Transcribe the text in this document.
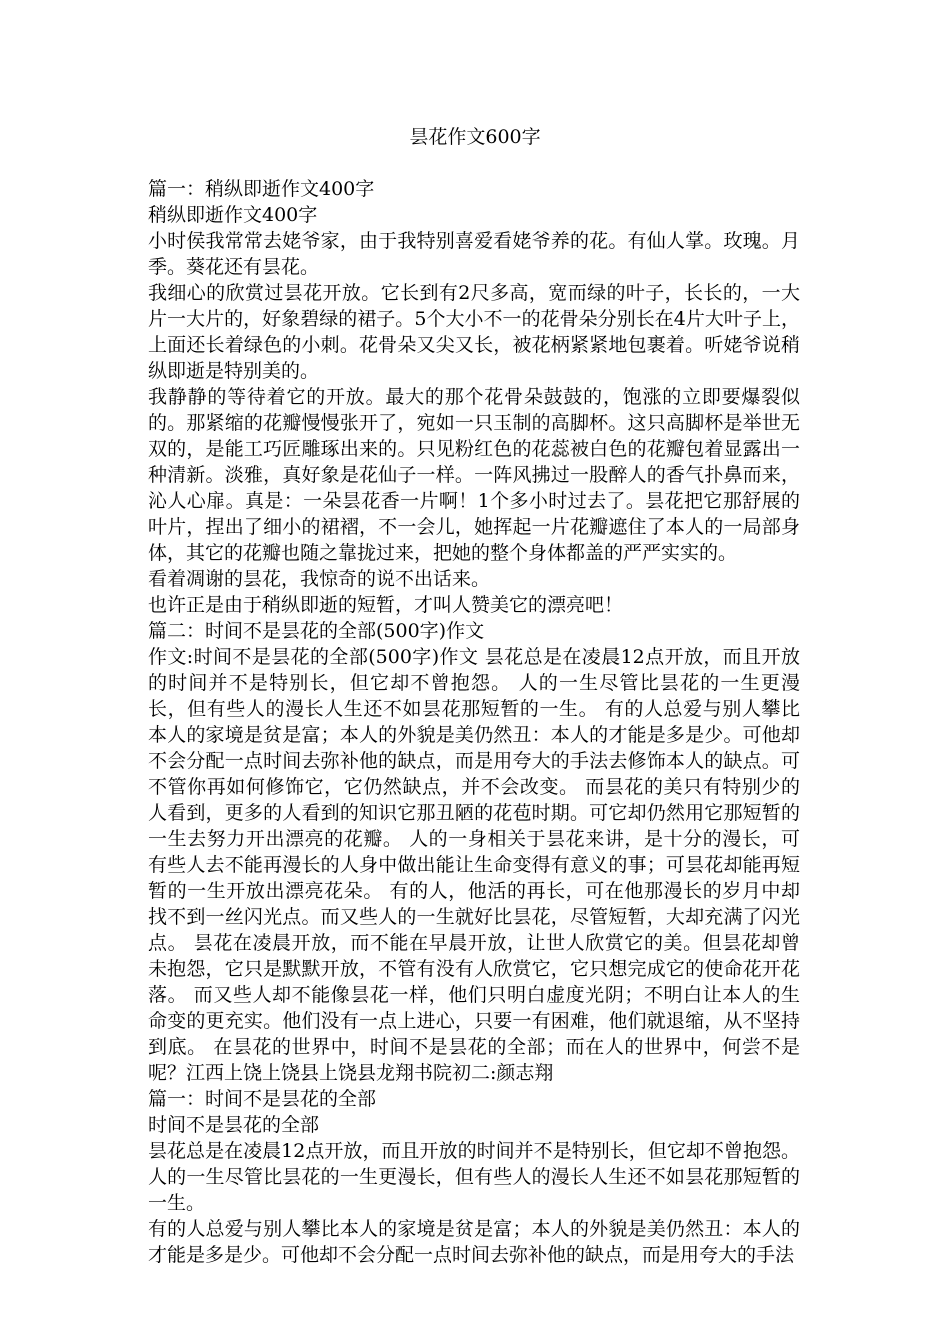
昙花作文600字

篇一：稍纵即逝作文400字

稍纵即逝作文400字

小时侯我常常去姥爷家，由于我特别喜爱看姥爷养的花。有仙人掌。玫瑰。月季。葵花还有昙花。

我细心的欣赏过昙花开放。它长到有2尺多高，宽而绿的叶子，长长的，一大片一大片的，好象碧绿的裙子。5个大小不一的花骨朵分别长在4片大叶子上，上面还长着绿色的小刺。花骨朵又尖又长，被花柄紧紧地包裹着。听姥爷说稍纵即逝是特别美的。

我静静的等待着它的开放。最大的那个花骨朵鼓鼓的，饱涨的立即要爆裂似的。那紧缩的花瓣慢慢张开了，宛如一只玉制的高脚杯。这只高脚杯是举世无双的，是能工巧匠雕琢出来的。只见粉红色的花蕊被白色的花瓣包着显露出一种清新。淡雅，真好象是花仙子一样。一阵风拂过一股醉人的香气扑鼻而来，沁人心扉。真是：一朵昙花香一片啊！1个多小时过去了。昙花把它那舒展的叶片，捏出了细小的裙褶，不一会儿，她挥起一片花瓣遮住了本人的一局部身体，其它的花瓣也随之靠拢过来，把她的整个身体都盖的严严实实的。

看着凋谢的昙花，我惊奇的说不出话来。

也许正是由于稍纵即逝的短暂，才叫人赞美它的漂亮吧！

篇二：时间不是昙花的全部(500字)作文

作文:时间不是昙花的全部(500字)作文 昙花总是在凌晨12点开放，而且开放的时间并不是特别长，但它却不曾抱怨。 人的一生尽管比昙花的一生更漫长，但有些人的漫长人生还不如昙花那短暂的一生。 有的人总爱与别人攀比本人的家境是贫是富；本人的外貌是美仍然丑：本人的才能是多是少。可他却不会分配一点时间去弥补他的缺点，而是用夸大的手法去修饰本人的缺点。可不管你再如何修饰它，它仍然缺点，并不会改变。 而昙花的美只有特别少的人看到，更多的人看到的知识它那丑陋的花苞时期。可它却仍然用它那短暂的一生去努力开出漂亮的花瓣。 人的一身相关于昙花来讲，是十分的漫长，可有些人去不能再漫长的人身中做出能让生命变得有意义的事；可昙花却能再短暂的一生开放出漂亮花朵。 有的人，他活的再长，可在他那漫长的岁月中却找不到一丝闪光点。而又些人的一生就好比昙花，尽管短暂，大却充满了闪光点。 昙花在凌晨开放，而不能在早晨开放，让世人欣赏它的美。但昙花却曾未抱怨，它只是默默开放，不管有没有人欣赏它，它只想完成它的使命花开花落。 而又些人却不能像昙花一样，他们只明白虚度光阴；不明白让本人的生命变的更充实。他们没有一点上进心，只要一有困难，他们就退缩，从不坚持到底。 在昙花的世界中，时间不是昙花的全部；而在人的世界中，何尝不是呢？江西上饶上饶县上饶县龙翔书院初二:颜志翔

篇一：时间不是昙花的全部

时间不是昙花的全部

昙花总是在凌晨12点开放，而且开放的时间并不是特别长，但它却不曾抱怨。 人的一生尽管比昙花的一生更漫长，但有些人的漫长人生还不如昙花那短暂的一生。

有的人总爱与别人攀比本人的家境是贫是富；本人的外貌是美仍然丑：本人的才能是多是少。可他却不会分配一点时间去弥补他的缺点，而是用夸大的手法
